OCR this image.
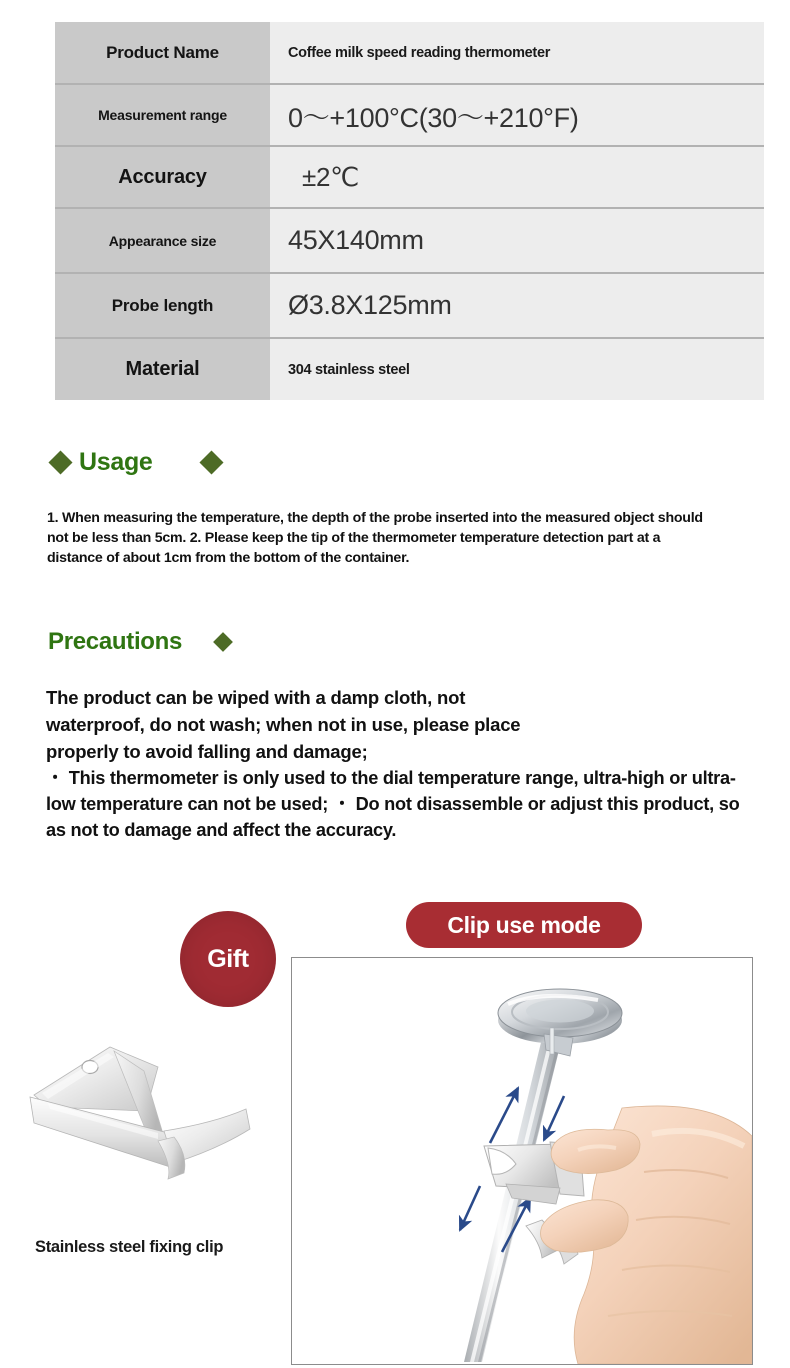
Product Name	Coffee milk speed reading thermometer
Measurement range	0〜+100°C(30〜+210°F)
Accuracy	±2℃
Appearance size	45X140mm
Probe length	Ø3.8X125mm
Material	304 stainless steel
Usage
1. When measuring the temperature, the depth of the probe inserted into the measured object should not be less than 5cm. 2. Please keep the tip of the thermometer temperature detection part at a distance of about 1cm from the bottom of the container.
Precautions
The product can be wiped with a damp cloth, not waterproof, do not wash; when not in use, please place properly to avoid falling and damage;
・ This thermometer is only used to the dial temperature range, ultra-high or ultra-low temperature can not be used; ・ Do not disassemble or adjust this product, so as not to damage and affect the accuracy.
Gift
Clip use mode
Stainless steel fixing clip
